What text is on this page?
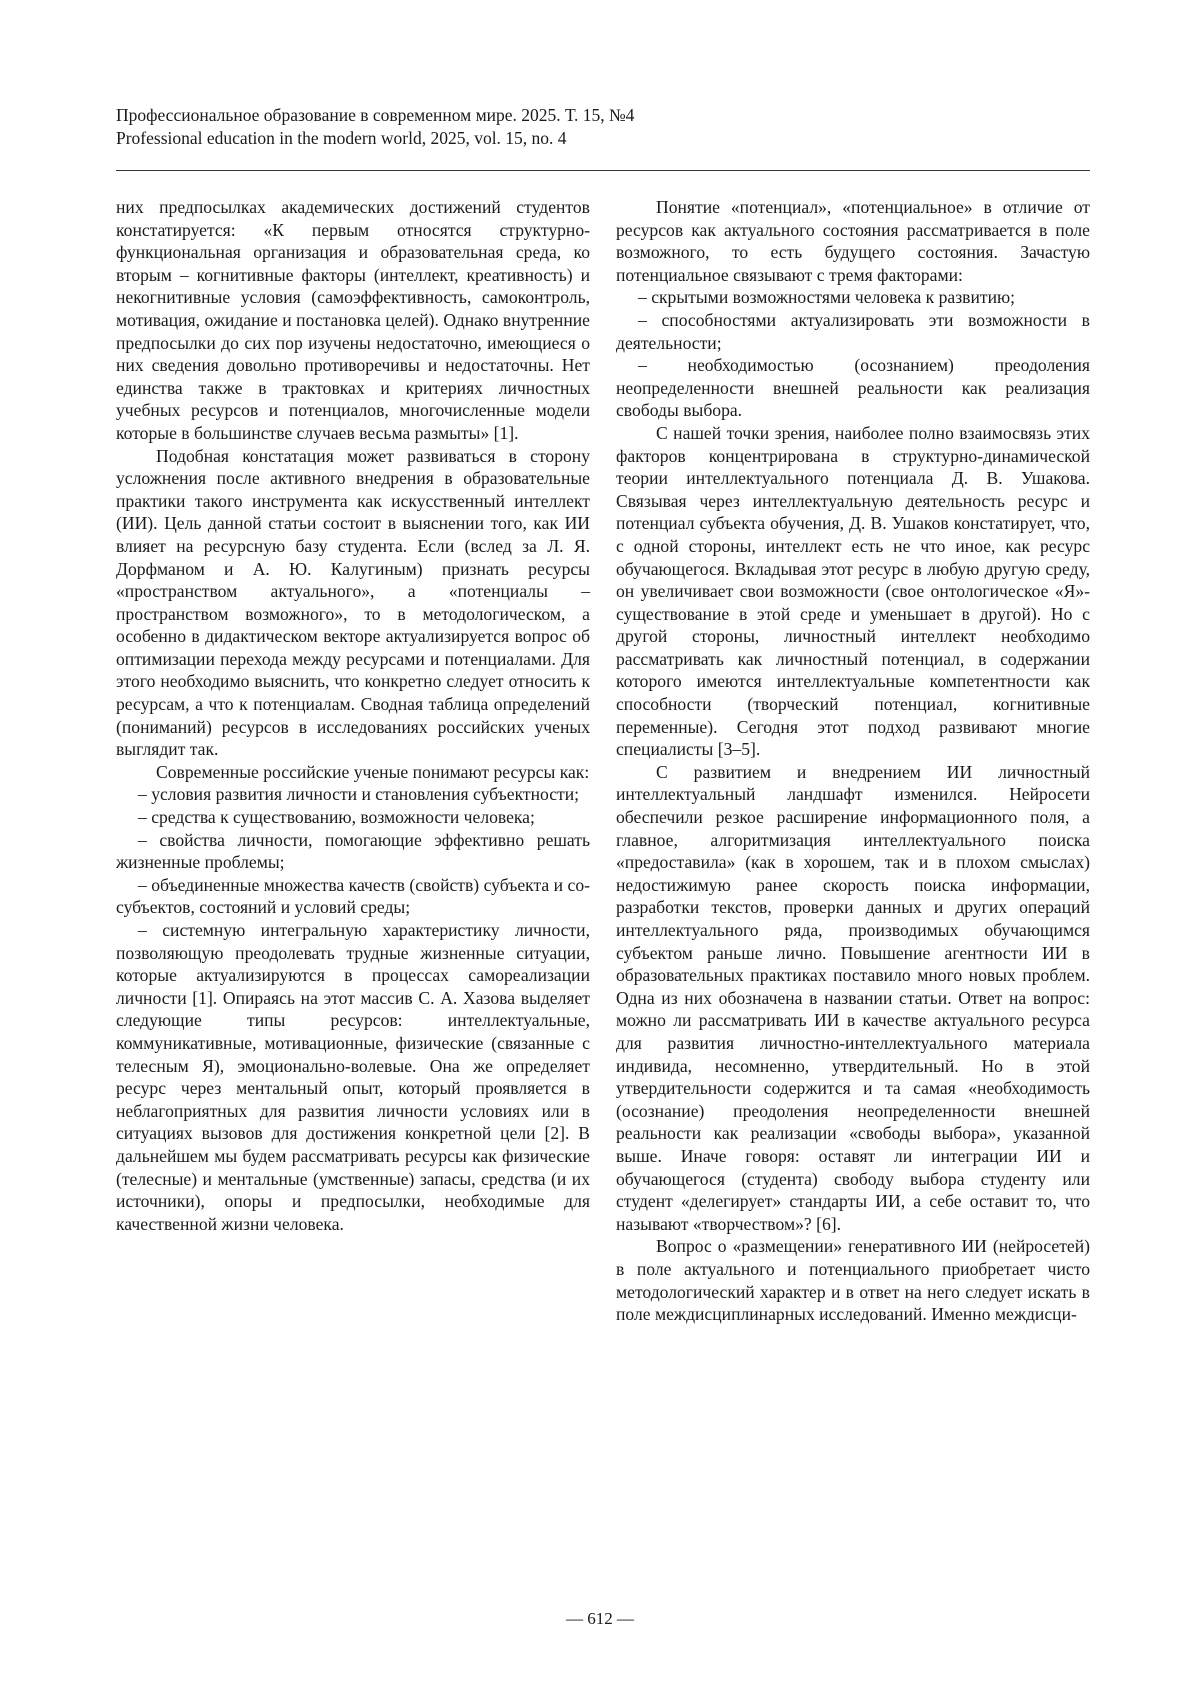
Профессиональное образование в современном мире. 2025. Т. 15, №4
Professional education in the modern world, 2025, vol. 15, no. 4

них предпосылках академических достижений студентов констатируется: «К первым относятся структурно-функциональная организация и образовательная среда, ко вторым – когнитивные факторы (интеллект, креативность) и некогнитивные условия (самоэффективность, самоконтроль, мотивация, ожидание и постановка целей). Однако внутренние предпосылки до сих пор изучены недостаточно, имеющиеся о них сведения довольно противоречивы и недостаточны. Нет единства также в трактовках и критериях личностных учебных ресурсов и потенциалов, многочисленные модели которые в большинстве случаев весьма размыты» [1].

Подобная констатация может развиваться в сторону усложнения после активного внедрения в образовательные практики такого инструмента как искусственный интеллект (ИИ). Цель данной статьи состоит в выяснении того, как ИИ влияет на ресурсную базу студента. Если (вслед за Л. Я. Дорфманом и А. Ю. Калугиным) признать ресурсы «пространством актуального», а «потенциалы – пространством возможного», то в методологическом, а особенно в дидактическом векторе актуализируется вопрос об оптимизации перехода между ресурсами и потенциалами. Для этого необходимо выяснить, что конкретно следует относить к ресурсам, а что к потенциалам. Сводная таблица определений (пониманий) ресурсов в исследованиях российских ученых выглядит так.

Современные российские ученые понимают ресурсы как:

– условия развития личности и становления субъектности;

– средства к существованию, возможности человека;

– свойства личности, помогающие эффективно решать жизненные проблемы;

– объединенные множества качеств (свойств) субъекта и со-субъектов, состояний и условий среды;

– системную интегральную характеристику личности, позволяющую преодолевать трудные жизненные ситуации, которые актуализируются в процессах самореализации личности [1]. Опираясь на этот массив С. А. Хазова выделяет следующие типы ресурсов: интеллектуальные, коммуникативные, мотивационные, физические (связанные с телесным Я), эмоционально-волевые. Она же определяет ресурс через ментальный опыт, который проявляется в неблагоприятных для развития личности условиях или в ситуациях вызовов для достижения конкретной цели [2]. В дальнейшем мы будем рассматривать ресурсы как физические (телесные) и ментальные (умственные) запасы, средства (и их источники), опоры и предпосылки, необходимые для качественной жизни человека.

Понятие «потенциал», «потенциальное» в отличие от ресурсов как актуального состояния рассматривается в поле возможного, то есть будущего состояния. Зачастую потенциальное связывают с тремя факторами:

– скрытыми возможностями человека к развитию;

– способностями актуализировать эти возможности в деятельности;

– необходимостью (осознанием) преодоления неопределенности внешней реальности как реализация свободы выбора.

С нашей точки зрения, наиболее полно взаимосвязь этих факторов концентрирована в структурно-динамической теории интеллектуального потенциала Д. В. Ушакова. Связывая через интеллектуальную деятельность ресурс и потенциал субъекта обучения, Д. В. Ушаков констатирует, что, с одной стороны, интеллект есть не что иное, как ресурс обучающегося. Вкладывая этот ресурс в любую другую среду, он увеличивает свои возможности (свое онтологическое «Я»-существование в этой среде и уменьшает в другой). Но с другой стороны, личностный интеллект необходимо рассматривать как личностный потенциал, в содержании которого имеются интеллектуальные компетентности как способности (творческий потенциал, когнитивные переменные). Сегодня этот подход развивают многие специалисты [3–5].

С развитием и внедрением ИИ личностный интеллектуальный ландшафт изменился. Нейросети обеспечили резкое расширение информационного поля, а главное, алгоритмизация интеллектуального поиска «предоставила» (как в хорошем, так и в плохом смыслах) недостижимую ранее скорость поиска информации, разработки текстов, проверки данных и других операций интеллектуального ряда, производимых обучающимся субъектом раньше лично. Повышение агентности ИИ в образовательных практиках поставило много новых проблем. Одна из них обозначена в названии статьи. Ответ на вопрос: можно ли рассматривать ИИ в качестве актуального ресурса для развития личностно-интеллектуального материала индивида, несомненно, утвердительный. Но в этой утвердительности содержится и та самая «необходимость (осознание) преодоления неопределенности внешней реальности как реализации «свободы выбора», указанной выше. Иначе говоря: оставят ли интеграции ИИ и обучающегося (студента) свободу выбора студенту или студент «делегирует» стандарты ИИ, а себе оставит то, что называют «творчеством»? [6].

Вопрос о «размещении» генеративного ИИ (нейросетей) в поле актуального и потенциального приобретает чисто методологический характер и в ответ на него следует искать в поле междисциплинарных исследований. Именно междисци-

— 612 —
